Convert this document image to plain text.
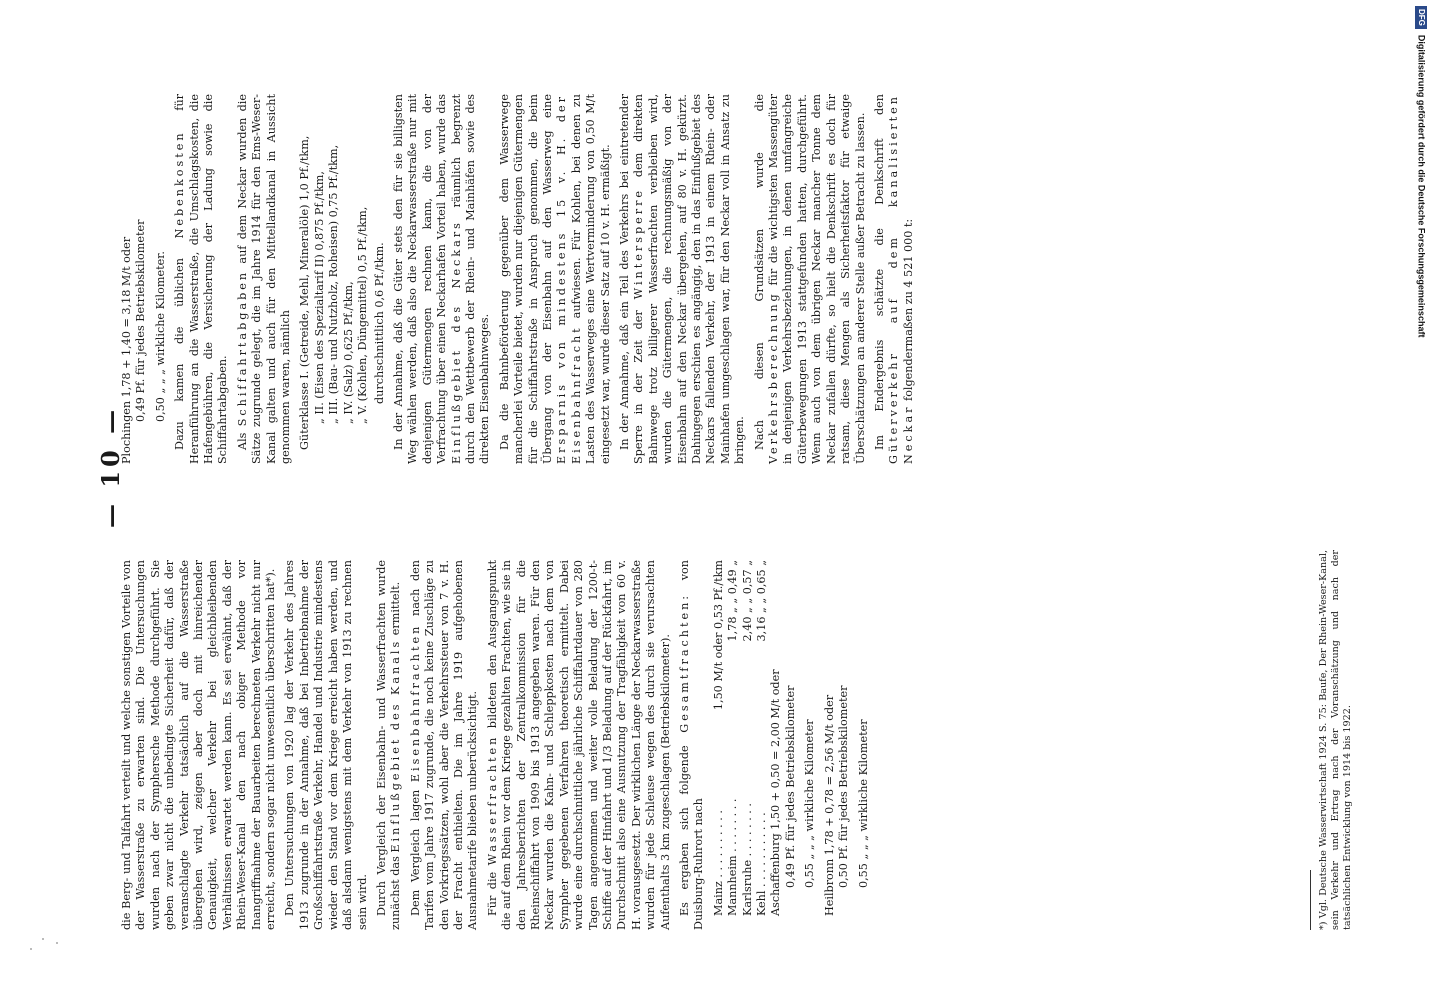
— 10 —

die Berg- und Talfahrt verteilt und welche sonstigen Vorteile von der Wasserstraße zu erwarten sind. Die Untersuchungen wurden nach der Symphersche Methode durchgeführt. Sie geben zwar nicht die unbedingte Sicherheit dafür, daß der veranschlagte Verkehr tatsächlich auf die Wasserstraße übergehen wird, zeigen aber doch mit hinreichender Genauigkeit, welcher Verkehr bei gleichbleibenden Verhältnissen erwartet werden kann. Es sei erwähnt, daß der Rhein-Weser-Kanal den nach obiger Methode vor Inangriffnahme der Bauarbeiten berechneten Verkehr nicht nur erreicht, sondern sogar nicht unwesentlich überschritten hat*). Den Untersuchungen von 1920 lag der Verkehr des Jahres 1913 zugrunde in der Annahme, daß bei Inbetriebnahme der Großschiffahrtstraße Verkehr, Handel und Industrie mindestens wieder den Stand vor dem Kriege erreicht haben werden, und daß alsdann wenigstens mit dem Verkehr von 1913 zu rechnen sein wird. Durch Vergleich der Eisenbahn- und Wasserfrachten wurde zunächst das Einflußgebiet des Kanals ermittelt.

Dem Vergleich lagen Eisenbahnfrachten nach den Tarifen vom Jahre 1917 zugrunde, die noch keine Zuschläge zu den Vorkriegssätzen, wohl aber die Verkehrssteuer von 7 v. H. der Fracht enthielten. Die im Jahre 1919 aufgehobenen Ausnahmetarife blieben unberücksichtigt. Für die Wasserfrachten bildeten den Ausgangspunkt die auf dem Rhein vor dem Kriege gezahlten Frachten, wie sie in den Jahresberichten der Zentralkommission für die Rheinschiffahrt von 1909 bis 1913 angegeben waren. Für den Neckar wurden die Kahn- und Schleppkosten nach dem von Sympher gegebenen Verfahren theoretisch ermittelt. Dabei wurde eine durchschnittliche jährliche Schiffahrtdauer von 280 Tagen angenommen und weiter volle Beladung der 1200-t-Schiffe auf der Hinfahrt und 1/3 Beladung auf der Rückfahrt, im Durchschnitt also eine Ausnutzung der Tragfähigkeit von 60 v. H. vorausgesetzt. Der wirklichen Länge der Neckarwasserstraße wurden für jede Schleuse wegen des durch sie verursachten Aufenthalts 3 km zugeschlagen (Betriebskilometer). Es ergaben sich folgende Gesamtfrachten: von Duisburg-Ruhrort nach Mainz . . . . . . . . . .
1,50 M/t oder 0,53 Pf./tkm
Mannheim . . . . . . . .
1,78 „ „ 0,49 „
Karlsruhe . . . . . . . .
2,40 „ „ 0,57 „
Kehl . . . . . . . . . . .
3,16 „ „ 0,65 „

Aschaffenburg 1,50 + 0,50 = 2,00 M/t oder 0,49 Pf. für jedes Betriebskilometer 0,55 „ „ „ wirkliche Kilometer Heilbronn 1,78 + 0,78 = 2,56 M/t oder 0,50 Pf. für jedes Betriebskilometer 0,55 „ „ „ wirkliche Kilometer	*) Vgl. Deutsche Wasserwirtschaft 1924 S. 75: Baufe, Der Rhein-Weser-Kanal, sein Verkehr und Ertrag nach der Voranschätzung und nach der tatsächlichen Entwicklung von 1914 bis 1922.

Plochingen 1,78 + 1,40 = 3,18 M/t oder 0,49 Pf. für jedes Betriebskilometer 0,50 „ „ „ wirkliche Kilometer. Dazu kamen die üblichen Nebenkosten für Heranführung an die Wasserstraße, die Umschlagskosten, die Hafengebühren, die Versicherung der Ladung sowie die Schiffahrtabgaben. Als Schiffahrtabgaben auf dem Neckar wurden die Sätze zugrunde gelegt, die im Jahre 1914 für den Ems-Weser-Kanal galten und auch für den Mittellandkanal in Aussicht genommen waren, nämlich Güterklasse I. (Getreide, Mehl, Mineralöle) 1,0 Pf./tkm,

„ II. (Eisen des Spezialtarif II) 0,875 Pf./tkm,

„ III. (Bau- und Nutzholz, Roheisen) 0,75 Pf./tkm,

„ IV. (Salz) 0,625 Pf./tkm,

„ V. (Kohlen, Düngemittel) 0,5 Pf./tkm, durchschnittlich 0,6 Pf./tkm. In der Annahme, daß die Güter stets den für sie billigsten Weg wählen werden, daß also die Neckarwasserstraße nur mit denjenigen Gütermengen rechnen kann, die von der Verfrachtung über einen Neckarhafen Vorteil haben, wurde das Einflußgebiet des Neckars räumlich begrenzt durch den Wettbewerb der Rhein- und Mainhäfen sowie des direkten Eisenbahnweges. Da die Bahnbeförderung gegenüber dem Wasserwege mancherlei Vorteile bietet, wurden nur diejenigen Gütermengen für die Schiffahrtstraße in Anspruch genommen, die beim Übergang von der Eisenbahn auf den Wasserweg eine Ersparnis von mindestens 15 v. H. der Eisenbahnfracht aufwiesen. Für Kohlen, bei denen zu Lasten des Wasserweges eine Wertverminderung von 0,50 M/t eingesetzt war, wurde dieser Satz auf 10 v. H. ermäßigt. In der Annahme, daß ein Teil des Verkehrs bei eintretender Sperre in der Zeit der Wintersperre dem direkten Bahnwege trotz billigerer Wasserfrachten verbleiben wird, wurden die Gütermengen, die rechnungsmäßig von der Eisenbahn auf den Neckar übergehen, auf 80 v. H. gekürzt. Dahingegen erschien es angängig, den in das Einflußgebiet des Neckars fallenden Verkehr, der 1913 in einem Rhein- oder Mainhafen umgeschlagen war, für den Neckar voll in Ansatz zu bringen. Nach diesen Grundsätzen wurde die Verkehrsberechnung für die wichtigsten Massengüter in denjenigen Verkehrsbeziehungen, in denen umfangreiche Güterbewegungen 1913 stattgefunden hatten, durchgeführt. Wenn auch von dem übrigen Neckar mancher Tonne dem Neckar zufallen dürfte, so hielt die Denkschrift es doch für ratsam, diese Mengen als Sicherheitsfaktor für etwaige Überschätzungen an anderer Stelle außer Betracht zu lassen. Im Endergebnis schätzte die Denkschrift den Güterverkehr auf dem kanalisierten Neckar folgendermaßen zu 4 521 000 t:

DFGDigitalisierung gefördert durch die Deutsche Forschungsgemeinschaft
